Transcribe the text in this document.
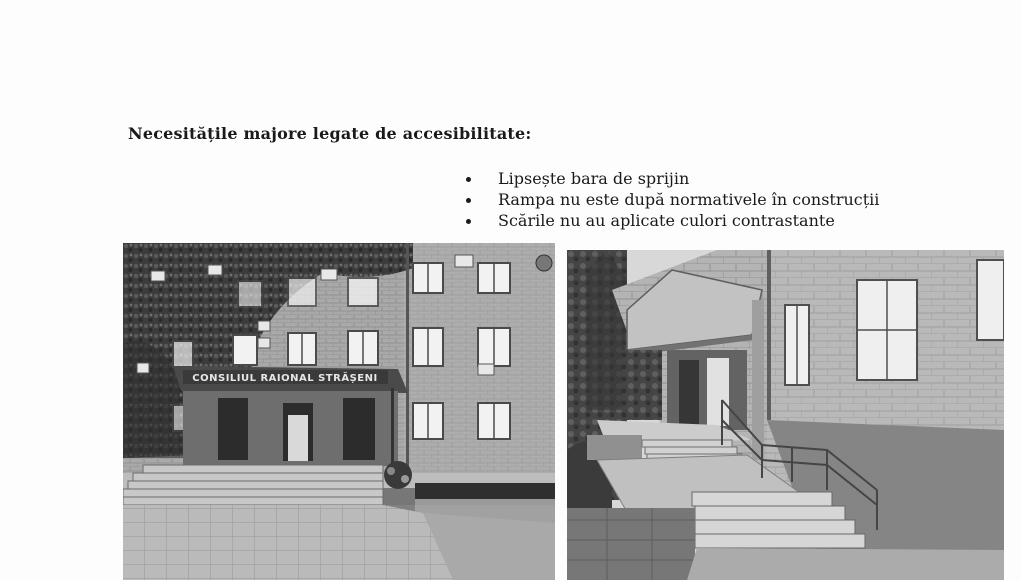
Necesitățile majore legate de accesibilitate:
Lipsește bara de sprijin
Rampa nu este după normativele în construcții
Scările nu au aplicate culori contrastante
CONSILIUL RAIONAL STRĂȘENI
